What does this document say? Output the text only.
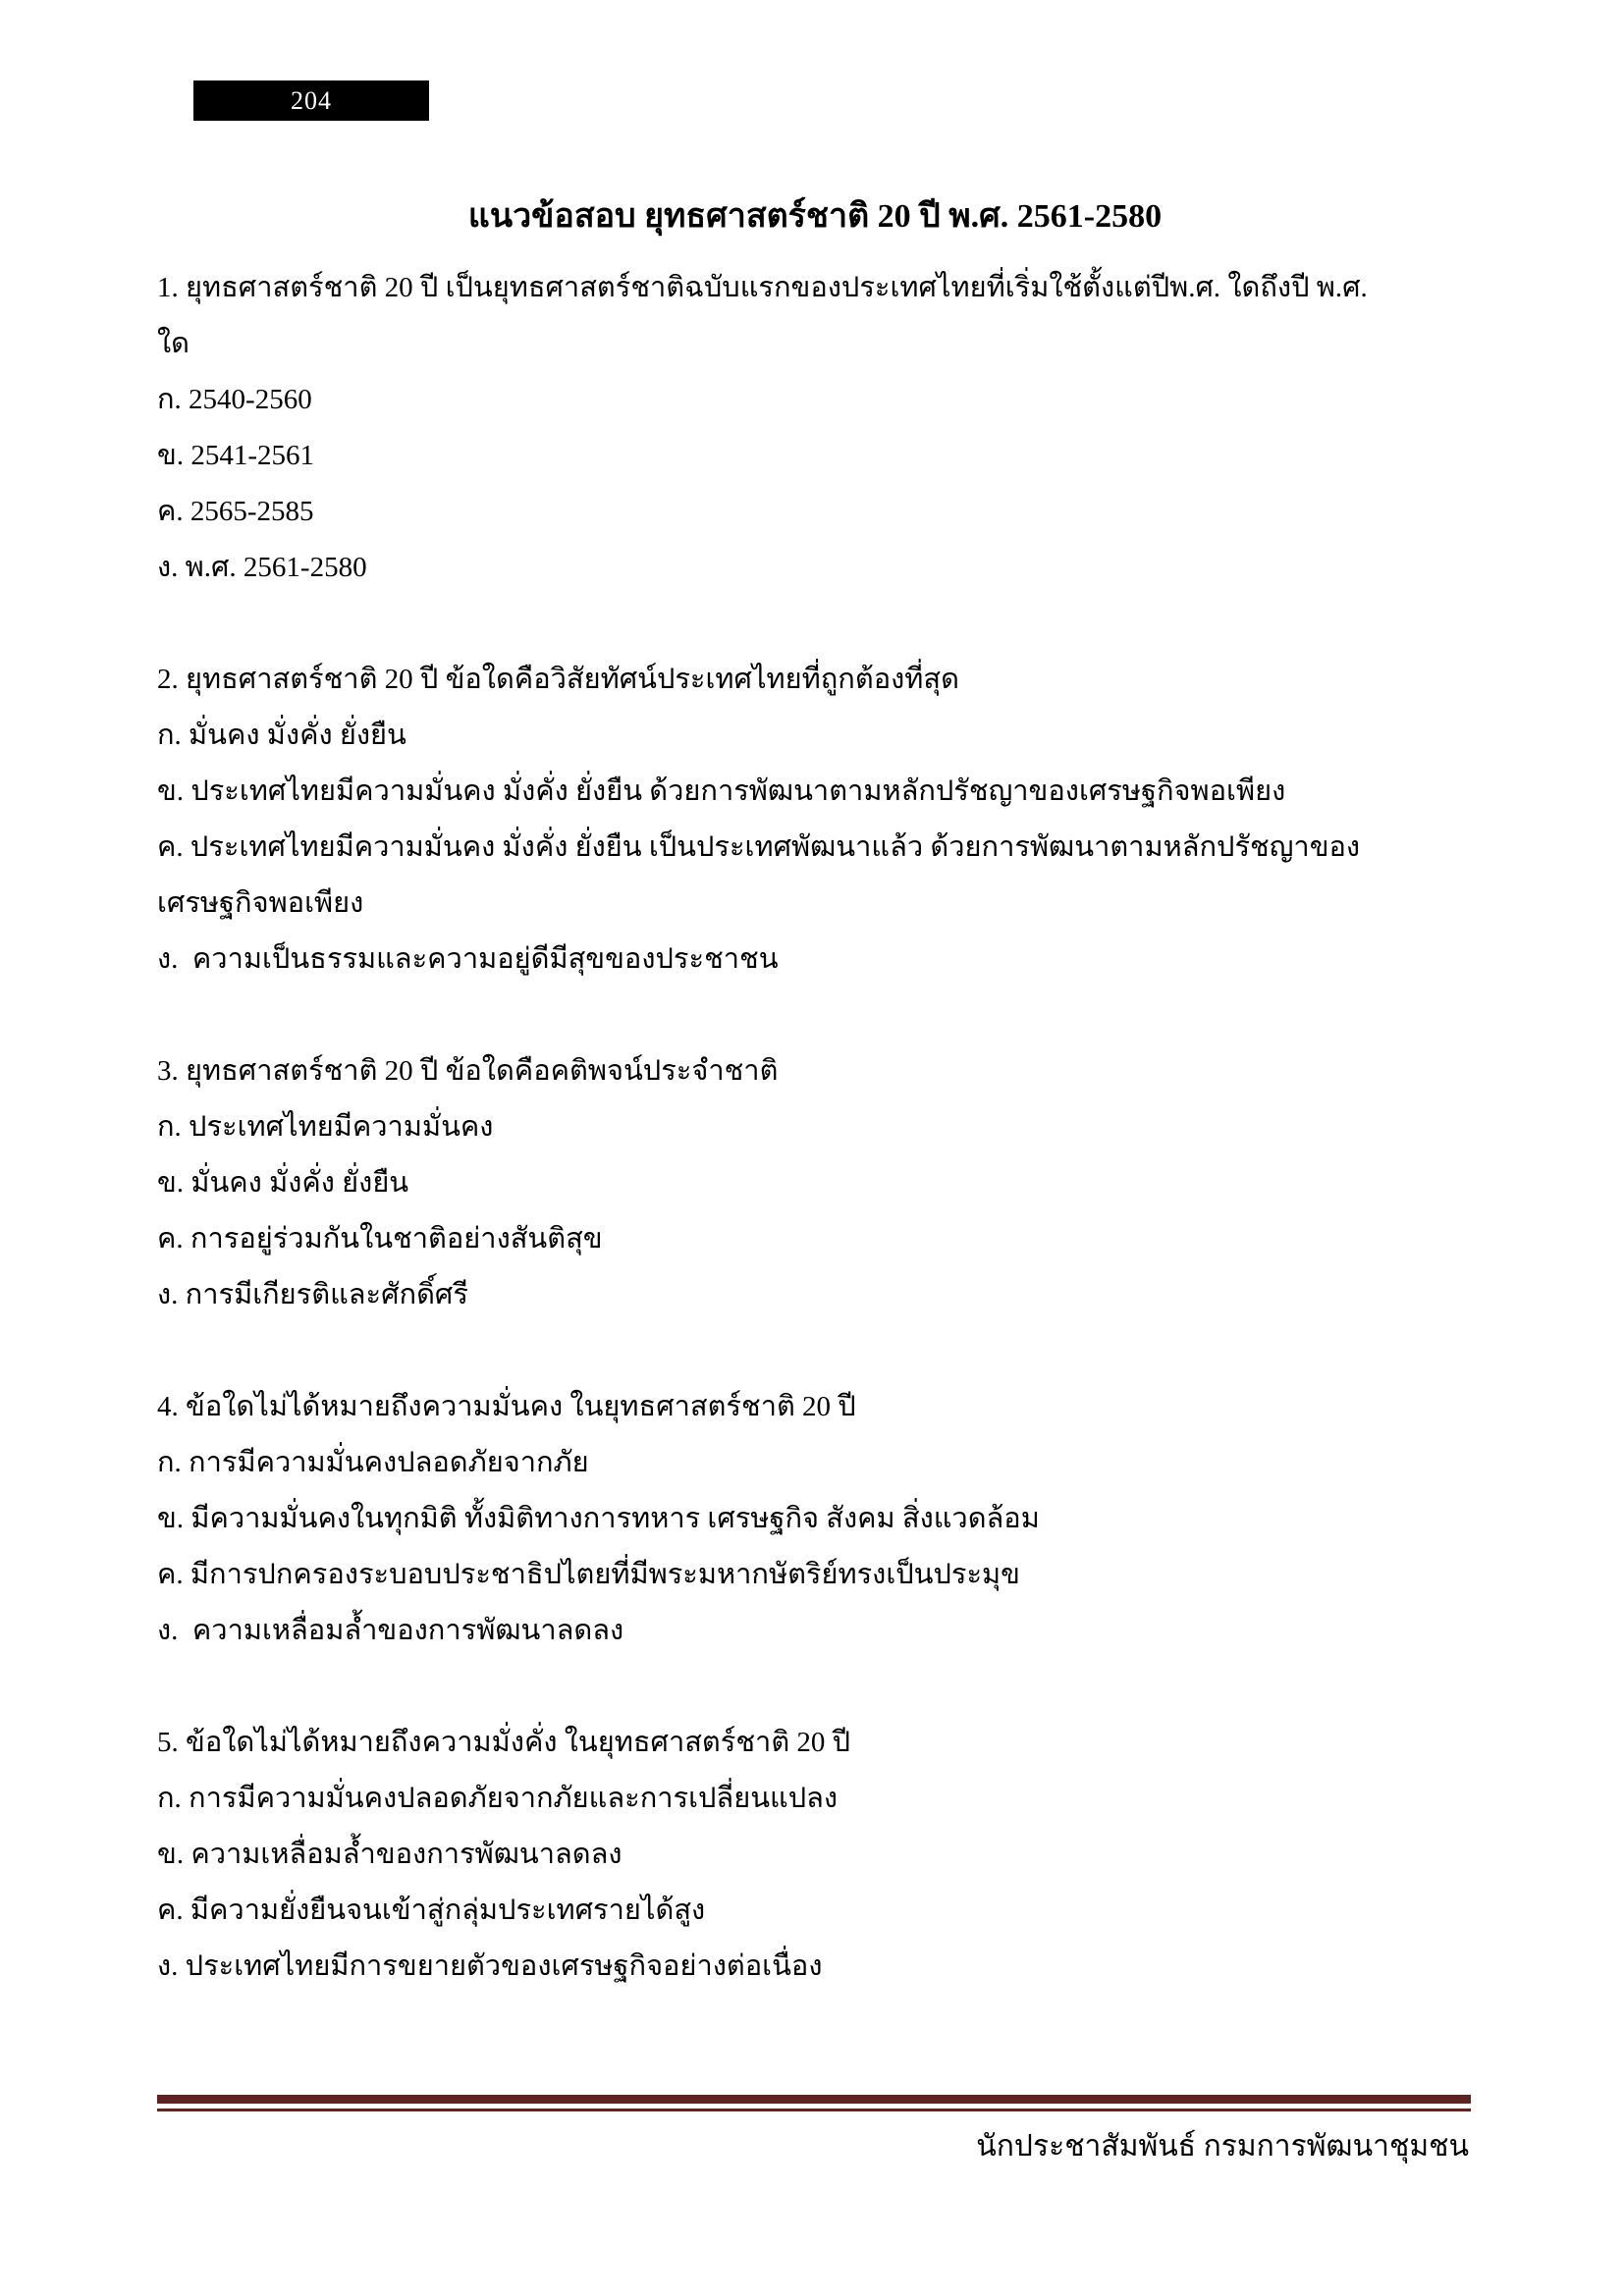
204

แนวข้อสอบ ยุทธศาสตร์ชาติ 20 ปี พ.ศ. 2561-2580

1. ยุทธศาสตร์ชาติ 20 ปี เป็นยุทธศาสตร์ชาติฉบับแรกของประเทศไทยที่เริ่มใช้ตั้งแต่ปีพ.ศ. ใดถึงปี พ.ศ.

ใด

ก. 2540-2560

ข. 2541-2561

ค. 2565-2585

ง. พ.ศ. 2561-2580

2. ยุทธศาสตร์ชาติ 20 ปี ข้อใดคือวิสัยทัศน์ประเทศไทยที่ถูกต้องที่สุด

ก. มั่นคง มั่งคั่ง ยั่งยืน

ข. ประเทศไทยมีความมั่นคง มั่งคั่ง ยั่งยืน ด้วยการพัฒนาตามหลักปรัชญาของเศรษฐกิจพอเพียง

ค. ประเทศไทยมีความมั่นคง มั่งคั่ง ยั่งยืน เป็นประเทศพัฒนาแล้ว ด้วยการพัฒนาตามหลักปรัชญาของ

เศรษฐกิจพอเพียง

ง.  ความเป็นธรรมและความอยู่ดีมีสุขของประชาชน

3. ยุทธศาสตร์ชาติ 20 ปี ข้อใดคือคติพจน์ประจำชาติ

ก. ประเทศไทยมีความมั่นคง

ข. มั่นคง มั่งคั่ง ยั่งยืน

ค. การอยู่ร่วมกันในชาติอย่างสันติสุข

ง. การมีเกียรติและศักดิ์ศรี

4. ข้อใดไม่ได้หมายถึงความมั่นคง ในยุทธศาสตร์ชาติ 20 ปี

ก. การมีความมั่นคงปลอดภัยจากภัย

ข. มีความมั่นคงในทุกมิติ ทั้งมิติทางการทหาร เศรษฐกิจ สังคม สิ่งแวดล้อม

ค. มีการปกครองระบอบประชาธิปไตยที่มีพระมหากษัตริย์ทรงเป็นประมุข

ง.  ความเหลื่อมล้ำของการพัฒนาลดลง

5. ข้อใดไม่ได้หมายถึงความมั่งคั่ง ในยุทธศาสตร์ชาติ 20 ปี

ก. การมีความมั่นคงปลอดภัยจากภัยและการเปลี่ยนแปลง

ข. ความเหลื่อมล้ำของการพัฒนาลดลง

ค. มีความยั่งยืนจนเข้าสู่กลุ่มประเทศรายได้สูง

ง. ประเทศไทยมีการขยายตัวของเศรษฐกิจอย่างต่อเนื่อง

นักประชาสัมพันธ์ กรมการพัฒนาชุมชน
